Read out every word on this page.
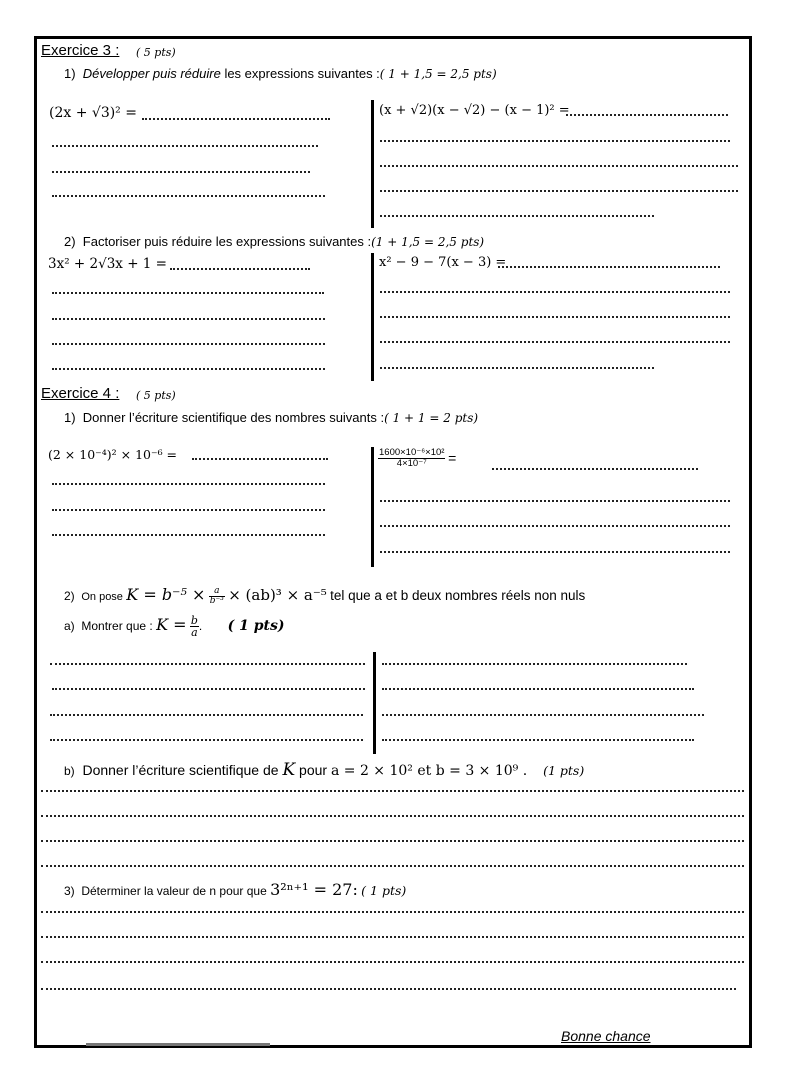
Exercice 3 : ( 5 pts)
1) Développer puis réduire les expressions suivantes :( 1 + 1,5 = 2,5 pts)
(2x + √3)² =	(x + √2)(x − √2) − (x − 1)² =
2) Factoriser puis réduire les expressions suivantes :(1 + 1,5 = 2,5 pts)
3x² + 2√3x + 1 =	x² − 9 − 7(x − 3) =
Exercice 4 : ( 5 pts)
1) Donner l’écriture scientifique des nombres suivants :( 1 + 1 = 2 pts)
(2 × 10⁻⁴)² × 10⁻⁶ =	$\frac{\text{1600×10⁻⁶×10²}}{\text{4×10⁻⁷}}$ =
2) On pose $K = b^{-5} \times \frac{a}{\text{b⁻³}} \times (ab)^3 \times a^{-5}$ tel que a et b deux nombres réels non nuls
a) Montrer que : $K = \frac{b}{a}$ . ( 1 pts)
b) Donner l’écriture scientifique de K pour a = 2 × 10² et b = 3 × 10⁹ . (1 pts)
3) Déterminer la valeur de n pour que 3²ⁿ⁺¹ = 27: ( 1 pts)
Bonne chance
